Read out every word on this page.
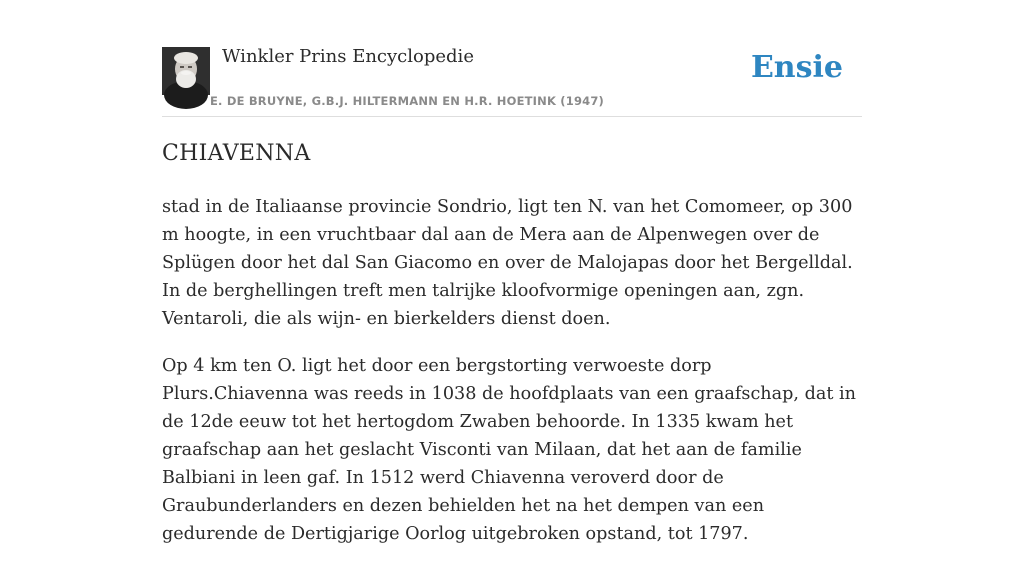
Winkler Prins Encyclopedie
E. DE BRUYNE, G.B.J. HILTERMANN EN H.R. HOETINK (1947)
Ensie
CHIAVENNA

stad in de Italiaanse provincie Sondrio, ligt ten N. van het Comomeer, op 300 m hoogte, in een vruchtbaar dal aan de Mera aan de Alpenwegen over de Splügen door het dal San Giacomo en over de Malojapas door het Bergelldal. In de berghellingen treft men talrijke kloofvormige openingen aan, zgn. Ventaroli, die als wijn- en bierkelders dienst doen.

Op 4 km ten O. ligt het door een bergstorting verwoeste dorp Plurs.Chiavenna was reeds in 1038 de hoofdplaats van een graafschap, dat in de 12de eeuw tot het hertogdom Zwaben behoorde. In 1335 kwam het graafschap aan het geslacht Visconti van Milaan, dat het aan de familie Balbiani in leen gaf. In 1512 werd Chiavenna veroverd door de Graubunderlanders en dezen behielden het na het dempen van een gedurende de Dertigjarige Oorlog uitgebroken opstand, tot 1797.
